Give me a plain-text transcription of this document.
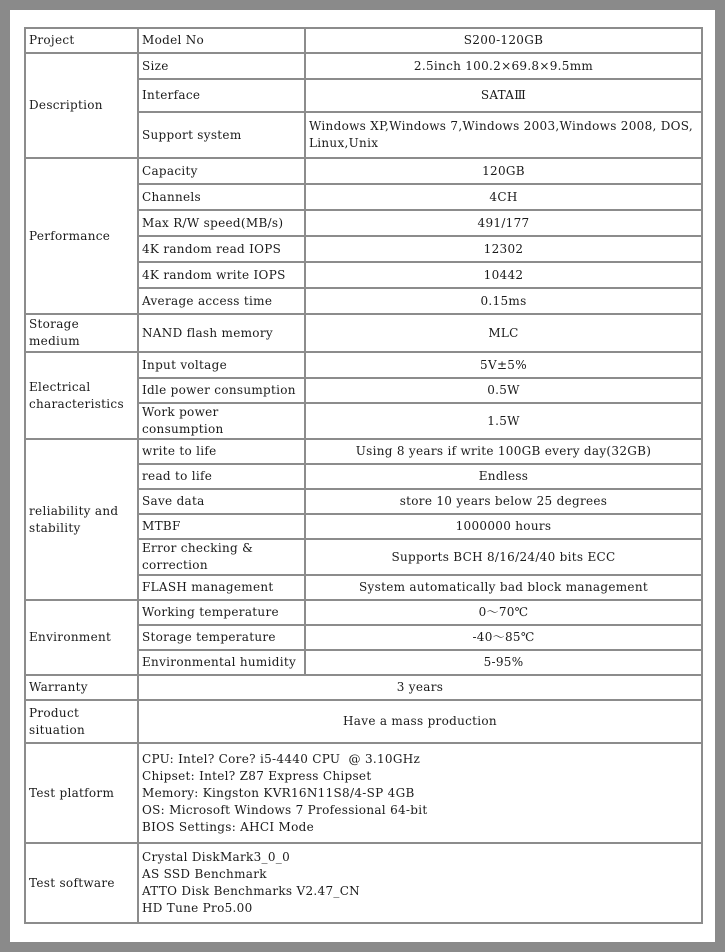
Project	Model No	S200-120GB
Description	Size	2.5inch 100.2×69.8×9.5mm
	Interface	SATAⅢ
	Support system	Windows XP,Windows 7,Windows 2003,Windows 2008, DOS, Linux,Unix
Performance	Capacity	120GB
	Channels	4CH
	Max R/W speed(MB/s)	491/177
	4K random read IOPS	12302
	4K random write IOPS	10442
	Average access time	0.15ms
Storage medium	NAND flash memory	MLC
Electrical characteristics	Input voltage	5V±5%
	Idle power consumption	0.5W
	Work power consumption	1.5W
reliability and stability	write to life	Using 8 years if write 100GB every day(32GB)
	read to life	Endless
	Save data	store 10 years below 25 degrees
	MTBF	1000000 hours
	Error checking & correction	Supports BCH 8/16/24/40 bits ECC
	FLASH management	System automatically bad block management
Environment	Working temperature	0～70℃
	Storage temperature	-40～85℃
	Environmental humidity	5-95%
Warranty	3 years	
Product situation	Have a mass production	
Test platform	CPU: Intel? Core? i5-4440 CPU  @ 3.10GHz
Chipset: Intel? Z87 Express Chipset
Memory: Kingston KVR16N11S8/4-SP 4GB
OS: Microsoft Windows 7 Professional 64-bit
BIOS Settings: AHCI Mode	

Test software	Crystal DiskMark3_0_0
AS SSD Benchmark
ATTO Disk Benchmarks V2.47_CN
HD Tune Pro5.00	
